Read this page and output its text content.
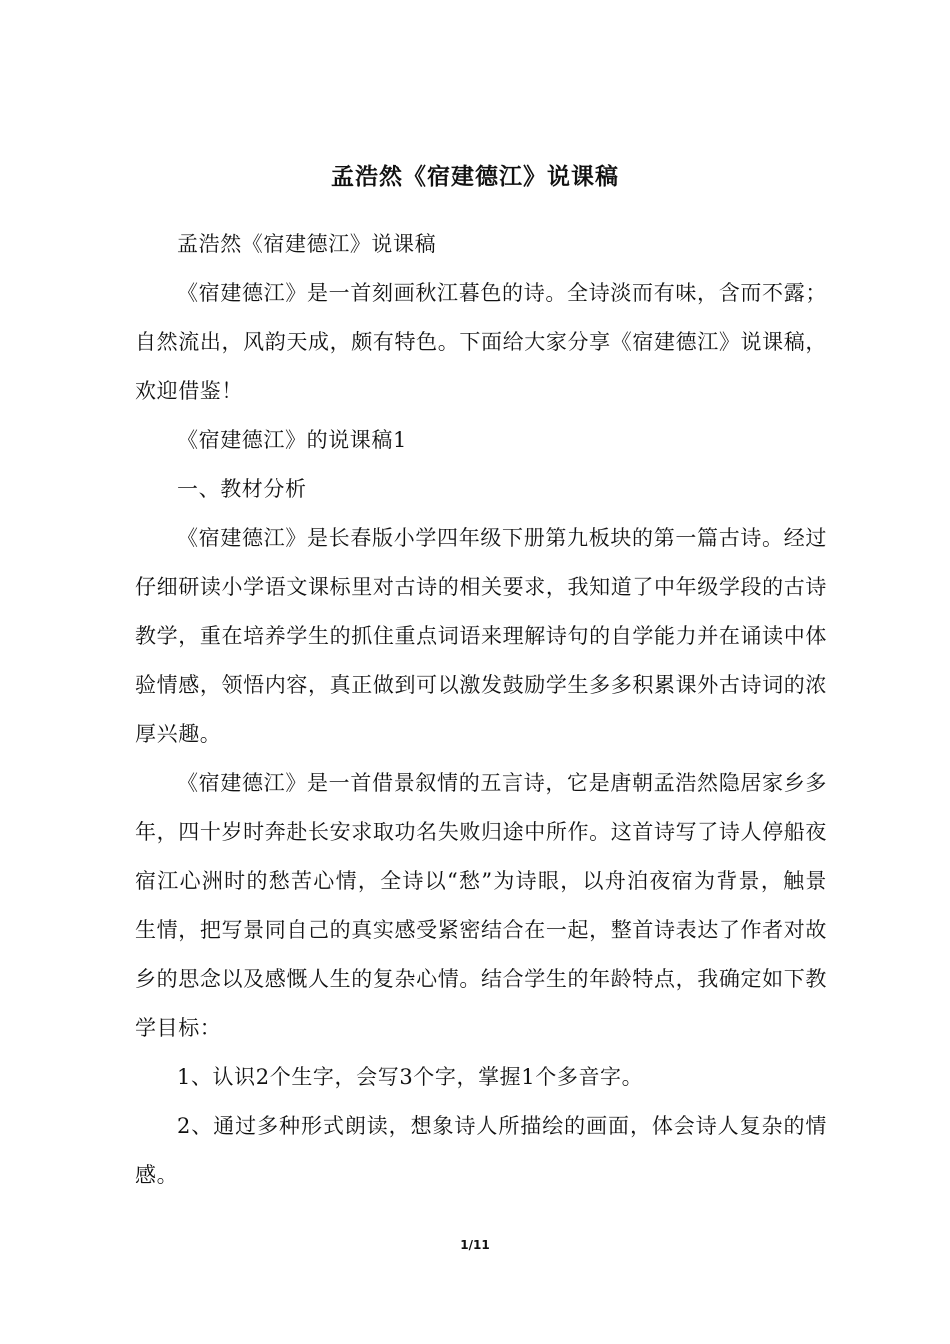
孟浩然《宿建德江》说课稿

孟浩然《宿建德江》说课稿

《宿建德江》是一首刻画秋江暮色的诗。全诗淡而有味，含而不露；自然流出，风韵天成，颇有特色。下面给大家分享《宿建德江》说课稿，欢迎借鉴！

《宿建德江》的说课稿1

一、教材分析

《宿建德江》是长春版小学四年级下册第九板块的第一篇古诗。经过仔细研读小学语文课标里对古诗的相关要求，我知道了中年级学段的古诗教学，重在培养学生的抓住重点词语来理解诗句的自学能力并在诵读中体验情感，领悟内容，真正做到可以激发鼓励学生多多积累课外古诗词的浓厚兴趣。

《宿建德江》是一首借景叙情的五言诗，它是唐朝孟浩然隐居家乡多年，四十岁时奔赴长安求取功名失败归途中所作。这首诗写了诗人停船夜宿江心洲时的愁苦心情，全诗以“愁”为诗眼，以舟泊夜宿为背景，触景生情，把写景同自己的真实感受紧密结合在一起，整首诗表达了作者对故乡的思念以及感慨人生的复杂心情。结合学生的年龄特点，我确定如下教学目标：

1、认识2个生字，会写3个字，掌握1个多音字。

2、通过多种形式朗读，想象诗人所描绘的画面，体会诗人复杂的情感。

1/11
